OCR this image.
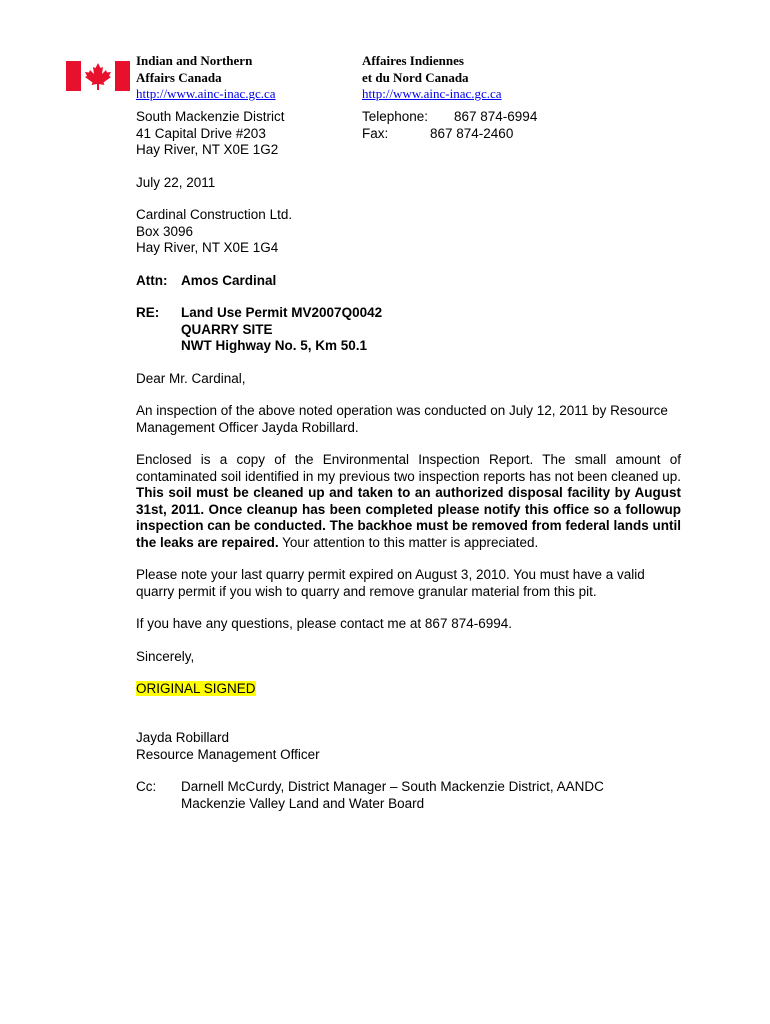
Indian and Northern
Affairs Canada
http://www.ainc-inac.gc.ca
Affaires Indiennes
et du Nord Canada
http://www.ainc-inac.gc.ca
South Mackenzie District
41 Capital Drive #203
Hay River, NT X0E 1G2
Telephone:	867 874-6994
Fax:	867 874-2460
July 22, 2011
Cardinal Construction Ltd.
Box 3096
Hay River, NT X0E 1G4
Attn:	Amos Cardinal
RE:	Land Use Permit MV2007Q0042
QUARRY SITE
NWT Highway No. 5, Km 50.1
Dear Mr. Cardinal,
An inspection of the above noted operation was conducted on July 12, 2011 by Resource Management Officer Jayda Robillard.
Enclosed is a copy of the Environmental Inspection Report. The small amount of contaminated soil identified in my previous two inspection reports has not been cleaned up. This soil must be cleaned up and taken to an authorized disposal facility by August 31st, 2011. Once cleanup has been completed please notify this office so a followup inspection can be conducted. The backhoe must be removed from federal lands until the leaks are repaired. Your attention to this matter is appreciated.
Please note your last quarry permit expired on August 3, 2010. You must have a valid quarry permit if you wish to quarry and remove granular material from this pit.
If you have any questions, please contact me at 867 874-6994.
Sincerely,
ORIGINAL SIGNED
Jayda Robillard
Resource Management Officer
Cc:	Darnell McCurdy, District Manager – South Mackenzie District, AANDC
Mackenzie Valley Land and Water Board
